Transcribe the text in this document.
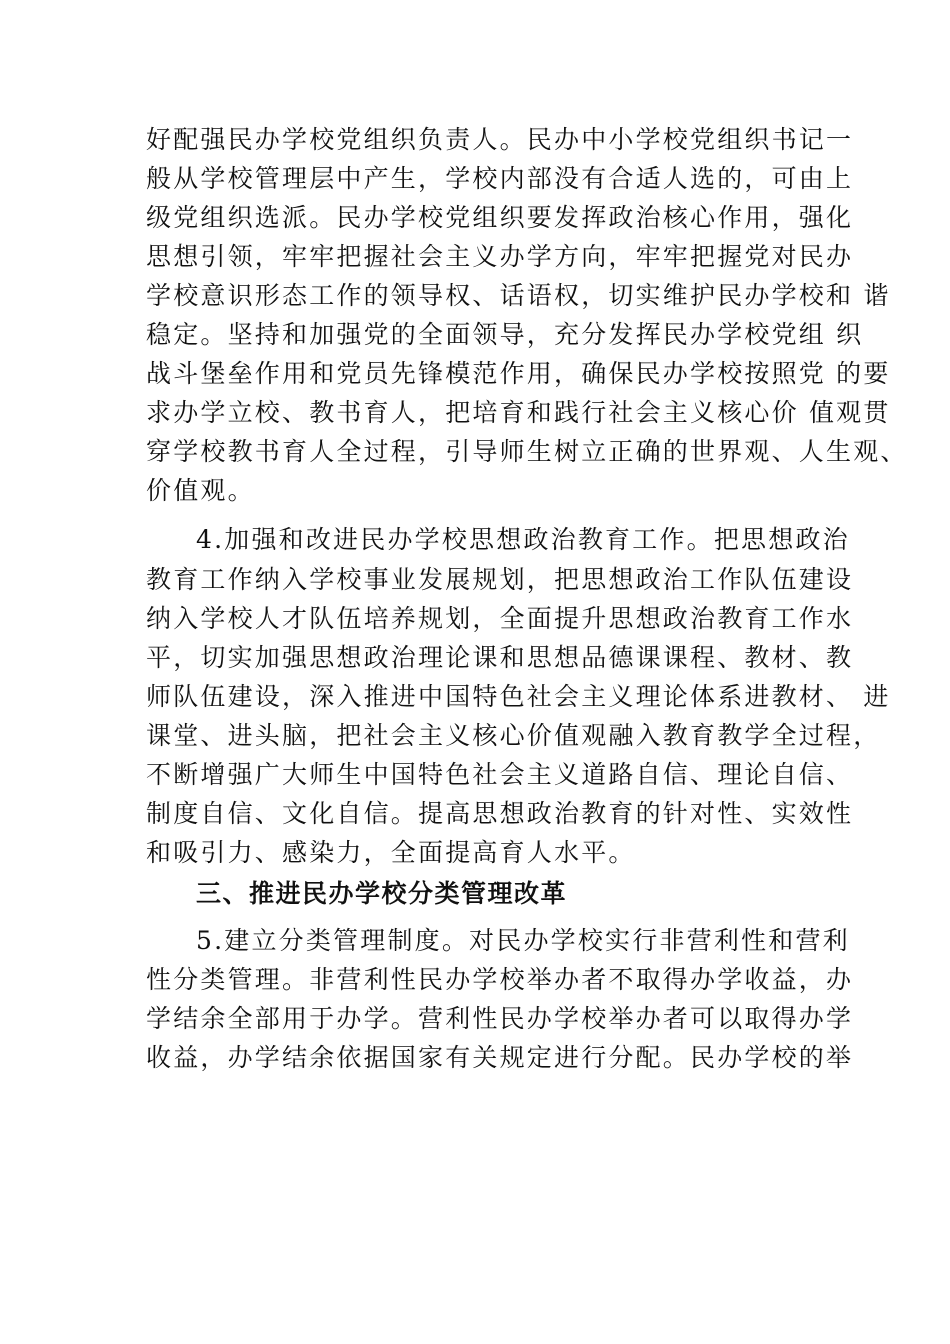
好配强民办学校党组织负责人。民办中小学校党组织书记一
般从学校管理层中产生，学校内部没有合适人选的，可由上
级党组织选派。民办学校党组织要发挥政治核心作用，强化
思想引领，牢牢把握社会主义办学方向，牢牢把握党对民办
学校意识形态工作的领导权、话语权，切实维护民办学校和 谐
稳定。坚持和加强党的全面领导，充分发挥民办学校党组 织
战斗堡垒作用和党员先锋模范作用，确保民办学校按照党 的要
求办学立校、教书育人，把培育和践行社会主义核心价 值观贯
穿学校教书育人全过程，引导师生树立正确的世界观、人生观、
价值观。
4.加强和改进民办学校思想政治教育工作。把思想政治
教育工作纳入学校事业发展规划，把思想政治工作队伍建设
纳入学校人才队伍培养规划，全面提升思想政治教育工作水
平，切实加强思想政治理论课和思想品德课课程、教材、教
师队伍建设，深入推进中国特色社会主义理论体系进教材、 进
课堂、进头脑，把社会主义核心价值观融入教育教学全过程，
不断增强广大师生中国特色社会主义道路自信、理论自信、
制度自信、文化自信。提高思想政治教育的针对性、实效性
和吸引力、感染力，全面提高育人水平。
三、推进民办学校分类管理改革
5.建立分类管理制度。对民办学校实行非营利性和营利
性分类管理。非营利性民办学校举办者不取得办学收益，办
学结余全部用于办学。营利性民办学校举办者可以取得办学
收益，办学结余依据国家有关规定进行分配。民办学校的举
